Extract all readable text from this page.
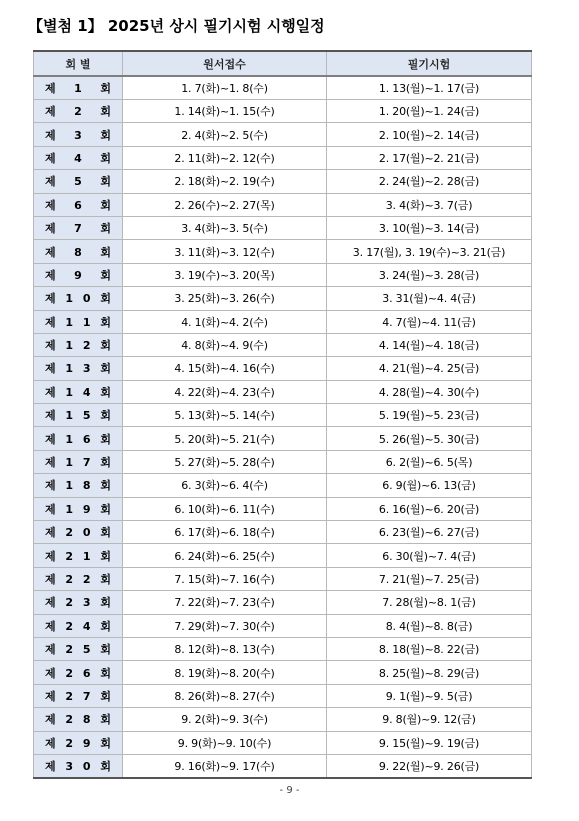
【별첨 1】 2025년 상시 필기시험 시행일정
회 별	원서접수	필기시험
제 1 회	1. 7(화)~1. 8(수)	1. 13(월)~1. 17(금)
제 2 회	1. 14(화)~1. 15(수)	1. 20(월)~1. 24(금)
제 3 회	2. 4(화)~2. 5(수)	2. 10(월)~2. 14(금)
제 4 회	2. 11(화)~2. 12(수)	2. 17(월)~2. 21(금)
제 5 회	2. 18(화)~2. 19(수)	2. 24(월)~2. 28(금)
제 6 회	2. 26(수)~2. 27(목)	3. 4(화)~3. 7(금)
제 7 회	3. 4(화)~3. 5(수)	3. 10(월)~3. 14(금)
제 8 회	3. 11(화)~3. 12(수)	3. 17(월), 3. 19(수)~3. 21(금)
제 9 회	3. 19(수)~3. 20(목)	3. 24(월)~3. 28(금)
제 1 0 회	3. 25(화)~3. 26(수)	3. 31(월)~4. 4(금)
제 1 1 회	4. 1(화)~4. 2(수)	4. 7(월)~4. 11(금)
제 1 2 회	4. 8(화)~4. 9(수)	4. 14(월)~4. 18(금)
제 1 3 회	4. 15(화)~4. 16(수)	4. 21(월)~4. 25(금)
제 1 4 회	4. 22(화)~4. 23(수)	4. 28(월)~4. 30(수)
제 1 5 회	5. 13(화)~5. 14(수)	5. 19(월)~5. 23(금)
제 1 6 회	5. 20(화)~5. 21(수)	5. 26(월)~5. 30(금)
제 1 7 회	5. 27(화)~5. 28(수)	6. 2(월)~6. 5(목)
제 1 8 회	6. 3(화)~6. 4(수)	6. 9(월)~6. 13(금)
제 1 9 회	6. 10(화)~6. 11(수)	6. 16(월)~6. 20(금)
제 2 0 회	6. 17(화)~6. 18(수)	6. 23(월)~6. 27(금)
제 2 1 회	6. 24(화)~6. 25(수)	6. 30(월)~7. 4(금)
제 2 2 회	7. 15(화)~7. 16(수)	7. 21(월)~7. 25(금)
제 2 3 회	7. 22(화)~7. 23(수)	7. 28(월)~8. 1(금)
제 2 4 회	7. 29(화)~7. 30(수)	8. 4(월)~8. 8(금)
제 2 5 회	8. 12(화)~8. 13(수)	8. 18(월)~8. 22(금)
제 2 6 회	8. 19(화)~8. 20(수)	8. 25(월)~8. 29(금)
제 2 7 회	8. 26(화)~8. 27(수)	9. 1(월)~9. 5(금)
제 2 8 회	9. 2(화)~9. 3(수)	9. 8(월)~9. 12(금)
제 2 9 회	9. 9(화)~9. 10(수)	9. 15(월)~9. 19(금)
제 3 0 회	9. 16(화)~9. 17(수)	9. 22(월)~9. 26(금)
- 9 -
